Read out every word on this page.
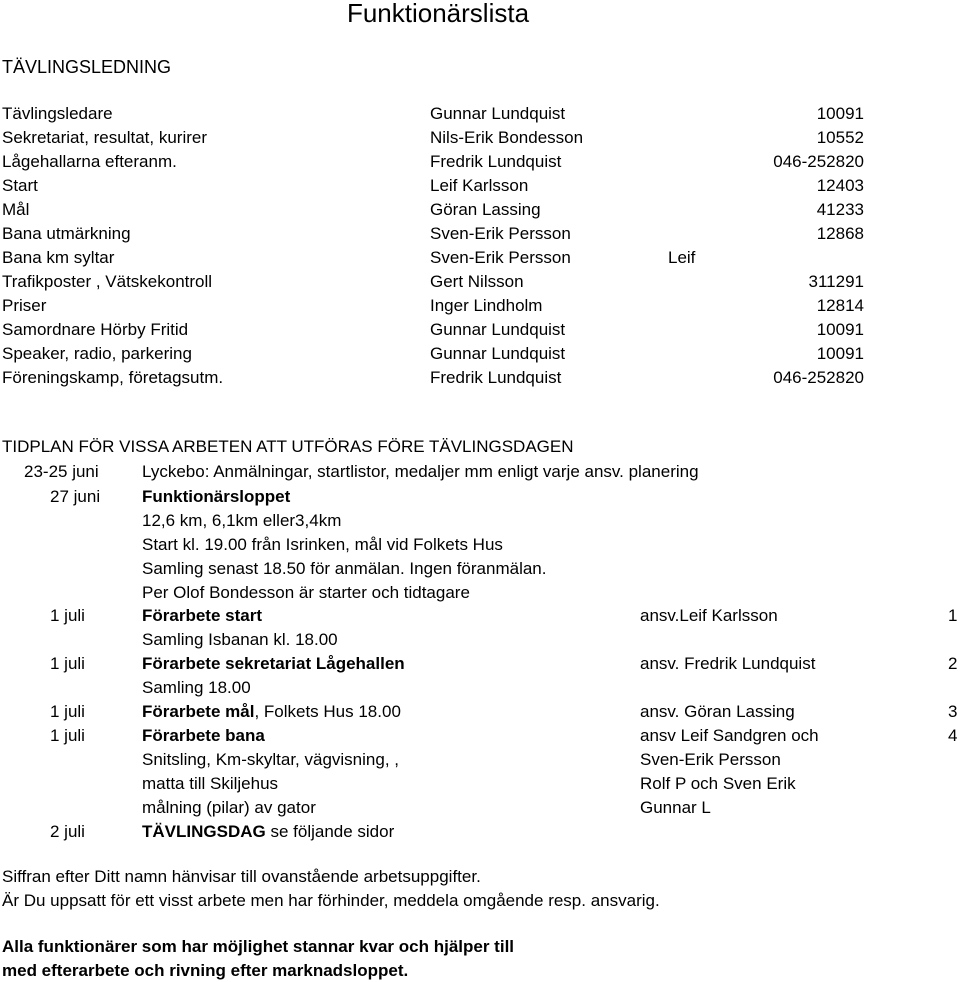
Funktionärslista
TÄVLINGSLEDNING
Tävlingsledare	Gunnar Lundquist	10091
Sekretariat, resultat, kurirer	Nils-Erik Bondesson	10552
Lågehallarna efteranm.	Fredrik Lundquist	046-252820
Start	Leif Karlsson	12403
Mål	Göran Lassing	41233
Bana utmärkning	Sven-Erik Persson	12868
Bana km syltar	Sven-Erik Persson	Leif
Trafikposter , Vätskekontroll	Gert Nilsson	311291
Priser	Inger Lindholm	12814
Samordnare Hörby Fritid	Gunnar Lundquist	10091
Speaker, radio, parkering	Gunnar Lundquist	10091
Föreningskamp, företagsutm.	Fredrik Lundquist	046-252820
TIDPLAN FÖR VISSA ARBETEN ATT UTFÖRAS FÖRE TÄVLINGSDAGEN
23-25 juni	Lyckebo: Anmälningar, startlistor, medaljer mm enligt varje ansv. planering
27 juni Funktionärsloppet
12,6 km, 6,1km eller3,4km
Start kl. 19.00 från Isrinken, mål vid Folkets Hus
Samling senast 18.50 för anmälan. Ingen föranmälan.
Per Olof Bondesson är starter och tidtagare
1 juli	Förarbete start	ansv.Leif Karlsson	1
Samling Isbanan kl. 18.00
1 juli	Förarbete sekretariat Lågehallen	ansv. Fredrik Lundquist	2
Samling 18.00
1 juli	Förarbete mål, Folkets Hus 18.00	ansv. Göran Lassing	3
1 juli	Förarbete bana	ansv Leif Sandgren och	4
Snitsling, Km-skyltar, vägvisning, ,	Sven-Erik Persson
matta till Skiljehus	Rolf P och Sven Erik
målning (pilar) av gator	Gunnar L
2 juli	TÄVLINGSDAG se följande sidor
Siffran efter Ditt namn hänvisar till ovanstående arbetsuppgifter.
Är Du uppsatt för ett visst arbete men har förhinder, meddela omgående resp. ansvarig.
Alla funktionärer som har möjlighet stannar kvar och hjälper till
med efterarbete och rivning efter marknadsloppet.
